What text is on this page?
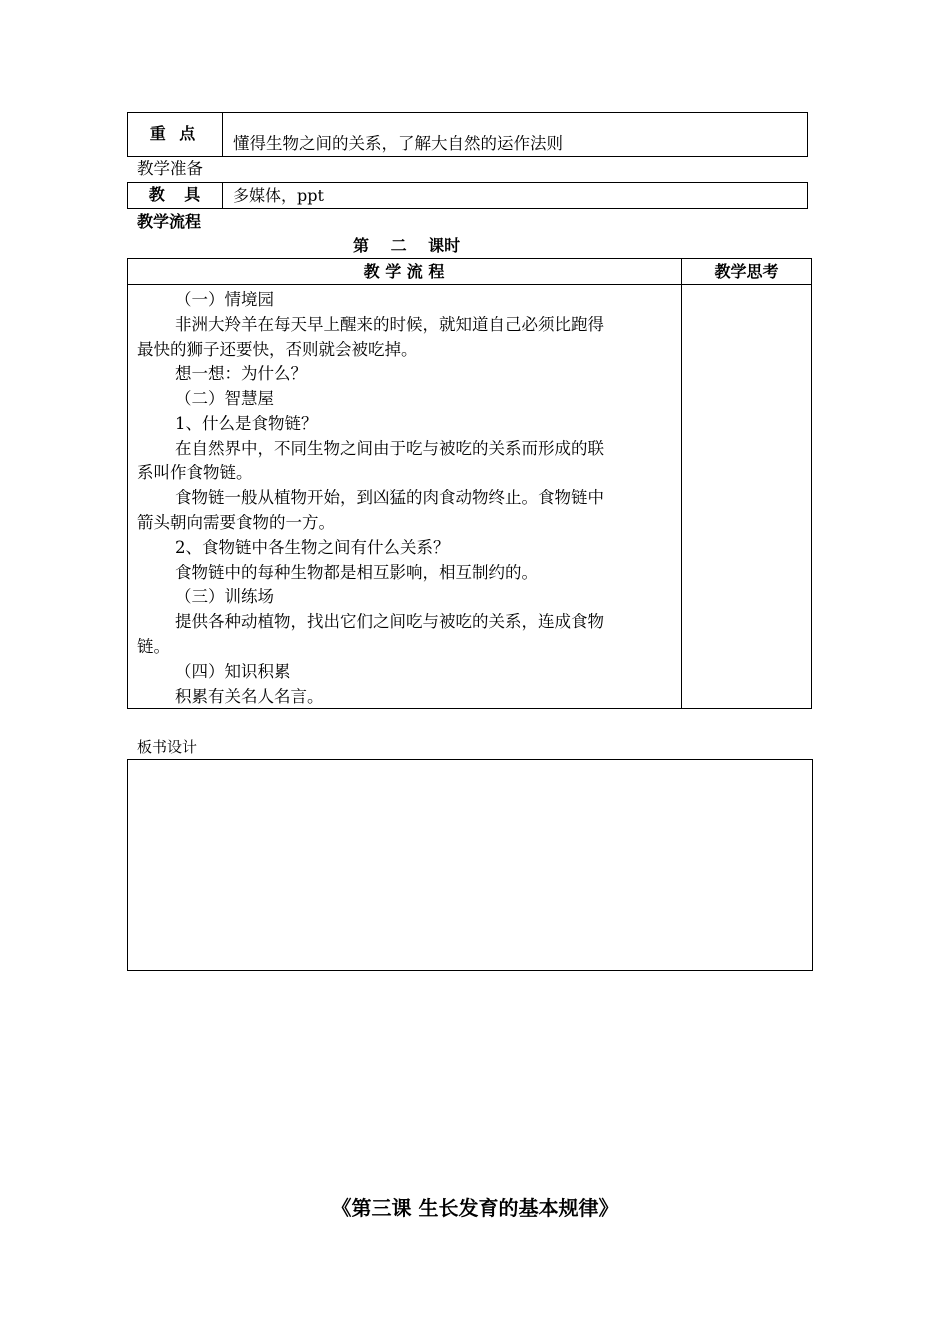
重 点
懂得生物之间的关系，了解大自然的运作法则
教学准备
教 具	多媒体，ppt
教学流程
第 二 课时
教 学 流 程	教学思考
（一）情境园
非洲大羚羊在每天早上醒来的时候，就知道自己必须比跑得
最快的狮子还要快，否则就会被吃掉。
想一想：为什么？
（二）智慧屋
1、什么是食物链？
在自然界中，不同生物之间由于吃与被吃的关系而形成的联
系叫作食物链。
食物链一般从植物开始，到凶猛的肉食动物终止。食物链中
箭头朝向需要食物的一方。
2、食物链中各生物之间有什么关系？
食物链中的每种生物都是相互影响，相互制约的。
（三）训练场
提供各种动植物，找出它们之间吃与被吃的关系，连成食物
链。
（四）知识积累
积累有关名人名言。
板书设计
《第三课 生长发育的基本规律》
